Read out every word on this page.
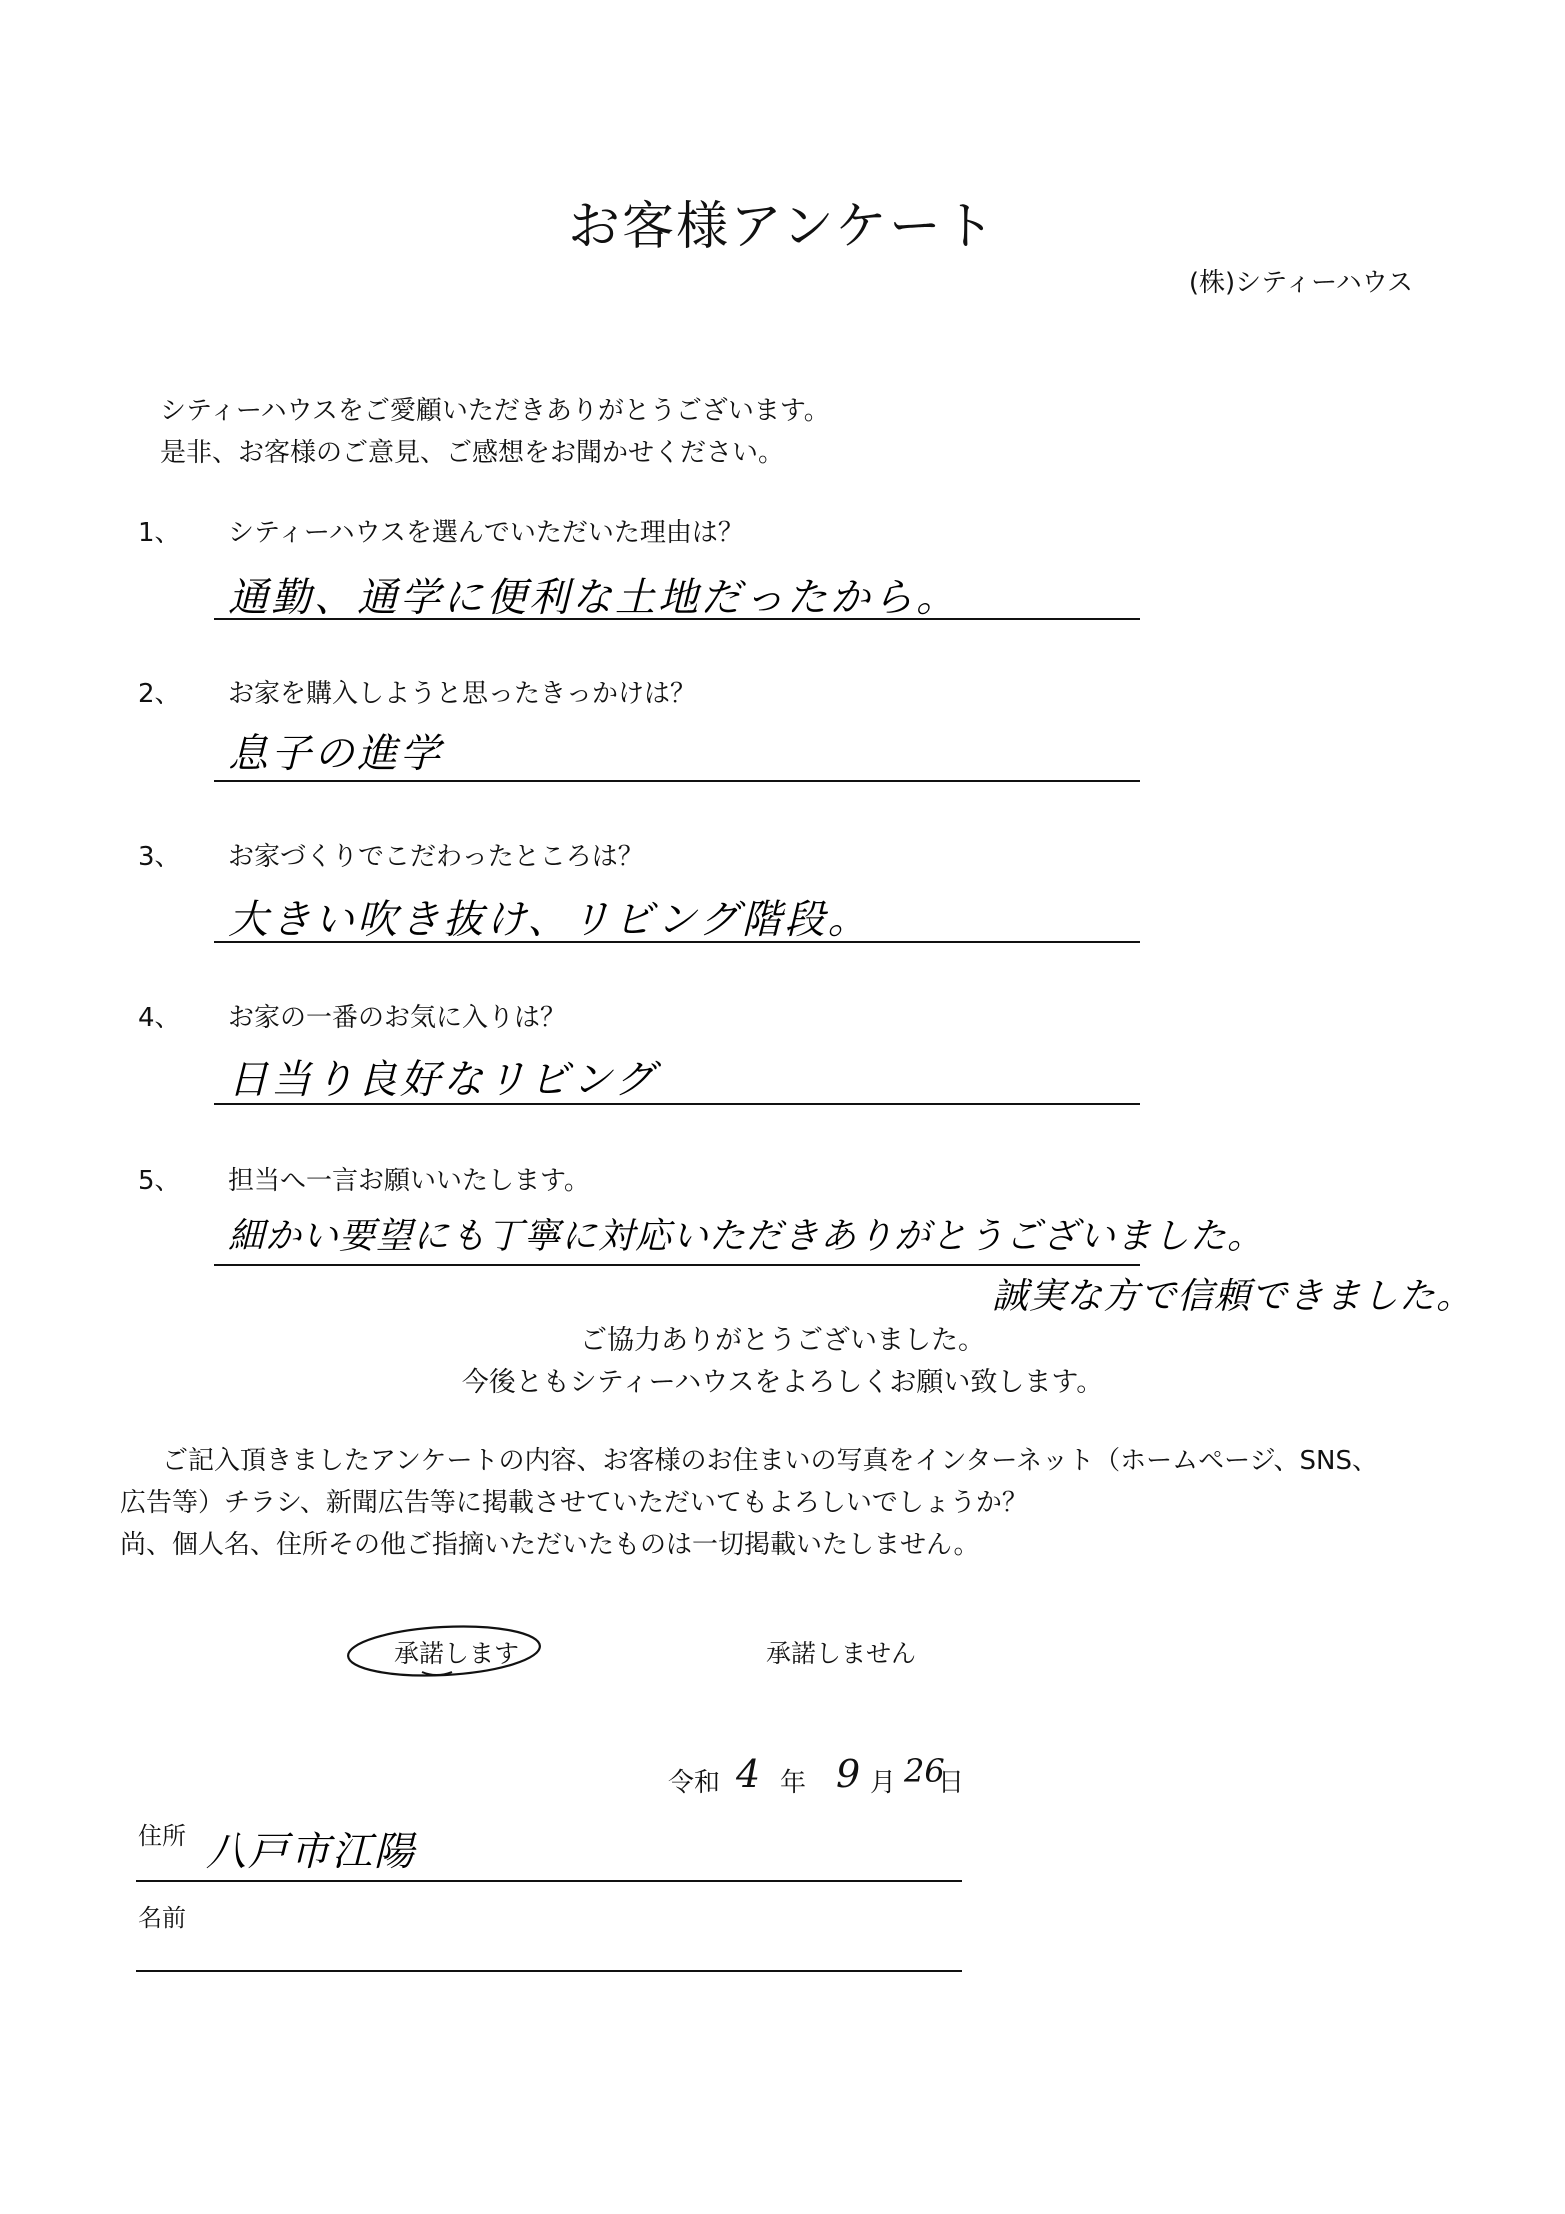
お客様アンケート
(株)シティーハウス
シティーハウスをご愛顧いただきありがとうございます。
是非、お客様のご意見、ご感想をお聞かせください。
1、 シティーハウスを選んでいただいた理由は？
通勤、通学に便利な土地だったから。
2、 お家を購入しようと思ったきっかけは？
息子の進学
3、 お家づくりでこだわったところは？
大きい吹き抜け、リビング階段。
4、 お家の一番のお気に入りは？
日当り良好なリビング
5、 担当へ一言お願いいたします。
細かい要望にも丁寧に対応いただきありがとうございました。
誠実な方で信頼できました。
ご協力ありがとうございました。
今後ともシティーハウスをよろしくお願い致します。
ご記入頂きましたアンケートの内容、お客様のお住まいの写真をインターネット（ホームページ、SNS、
広告等）チラシ、新聞広告等に掲載させていただいてもよろしいでしょうか？
尚、個人名、住所その他ご指摘いただいたものは一切掲載いたしません。
承諾します	承諾しません
令和 4 年 9 月 26
日
住所 八戸市江陽
名前
